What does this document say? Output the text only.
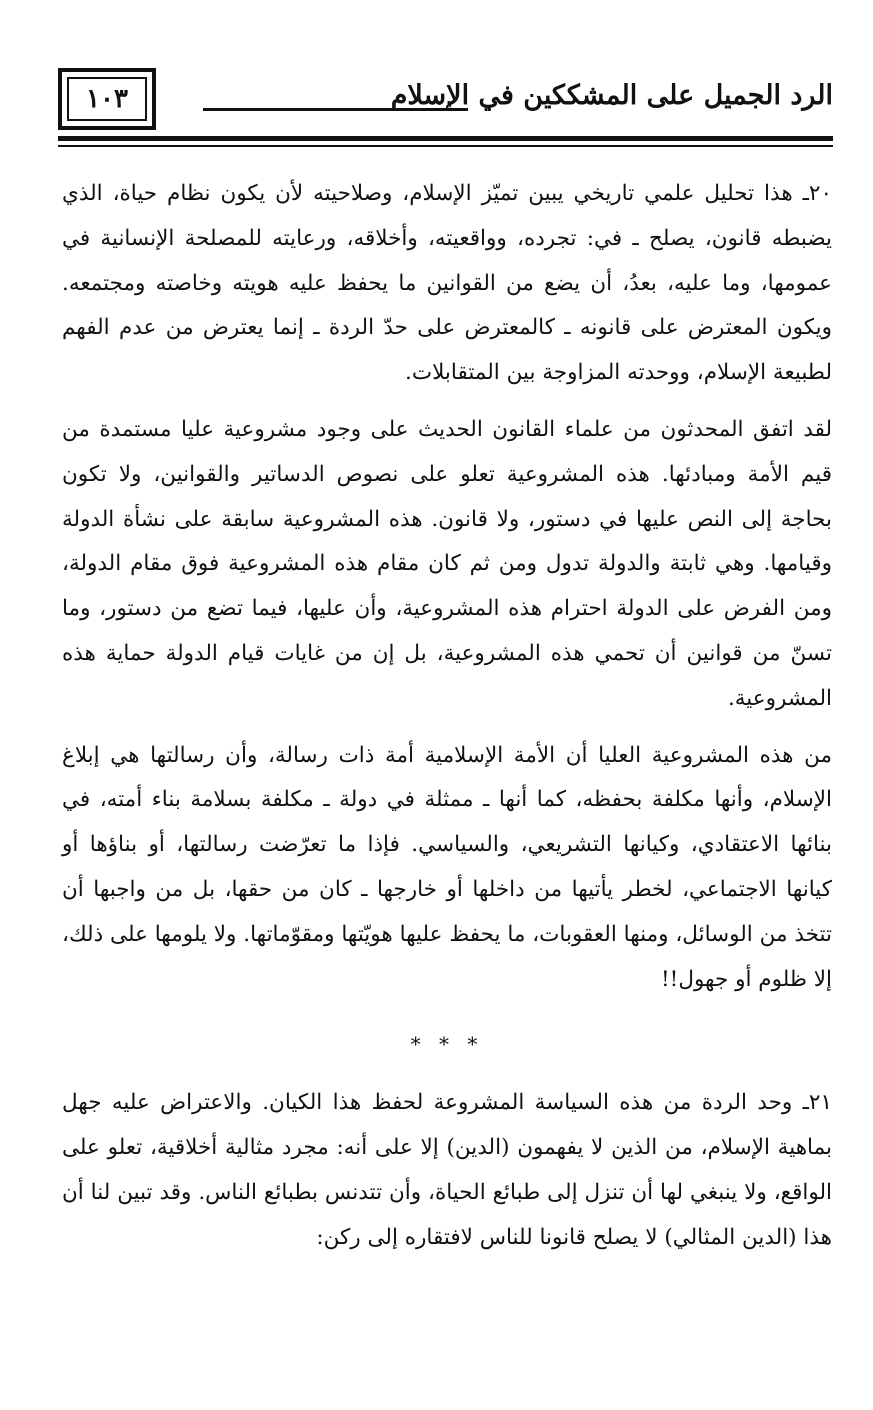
الرد الجميل على المشككين في الإسلام
١٠٣

٢٠ـ هذا تحليل علمي تاريخي يبين تميّز الإسلام، وصلاحيته لأن يكون نظام حياة، الذي يضبطه قانون، يصلح ـ في: تجرده، وواقعيته، وأخلاقه، ورعايته للمصلحة الإنسانية في عمومها، وما عليه، بعدُ، أن يضع من القوانين ما يحفظ عليه هويته وخاصته ومجتمعه. ويكون المعترض على قانونه ـ كالمعترض على حدّ الردة ـ إنما يعترض من عدم الفهم لطبيعة الإسلام، ووحدته المزاوجة بين المتقابلات.

لقد اتفق المحدثون من علماء القانون الحديث على وجود مشروعية عليا مستمدة من قيم الأمة ومبادئها. هذه المشروعية تعلو على نصوص الدساتير والقوانين، ولا تكون بحاجة إلى النص عليها في دستور، ولا قانون. هذه المشروعية سابقة على نشأة الدولة وقيامها. وهي ثابتة والدولة تدول ومن ثم كان مقام هذه المشروعية فوق مقام الدولة، ومن الفرض على الدولة احترام هذه المشروعية، وأن عليها، فيما تضع من دستور، وما تسنّ من قوانين أن تحمي هذه المشروعية، بل إن من غايات قيام الدولة حماية هذه المشروعية.

من هذه المشروعية العليا أن الأمة الإسلامية أمة ذات رسالة، وأن رسالتها هي إبلاغ الإسلام، وأنها مكلفة بحفظه، كما أنها ـ ممثلة في دولة ـ مكلفة بسلامة بناء أمته، في بنائها الاعتقادي، وكيانها التشريعي، والسياسي. فإذا ما تعرّضت رسالتها، أو بناؤها أو كيانها الاجتماعي، لخطر يأتيها من داخلها أو خارجها ـ كان من حقها، بل من واجبها أن تتخذ من الوسائل، ومنها العقوبات، ما يحفظ عليها هويّتها ومقوّماتها. ولا يلومها على ذلك، إلا ظلوم أو جهول!!

* * *

٢١ـ وحد الردة من هذه السياسة المشروعة لحفظ هذا الكيان. والاعتراض عليه جهل بماهية الإسلام، من الذين لا يفهمون (الدين) إلا على أنه: مجرد مثالية أخلاقية، تعلو على الواقع، ولا ينبغي لها أن تنزل إلى طبائع الحياة، وأن تتدنس بطبائع الناس. وقد تبين لنا أن هذا (الدين المثالي) لا يصلح قانونا للناس لافتقاره إلى ركن:
